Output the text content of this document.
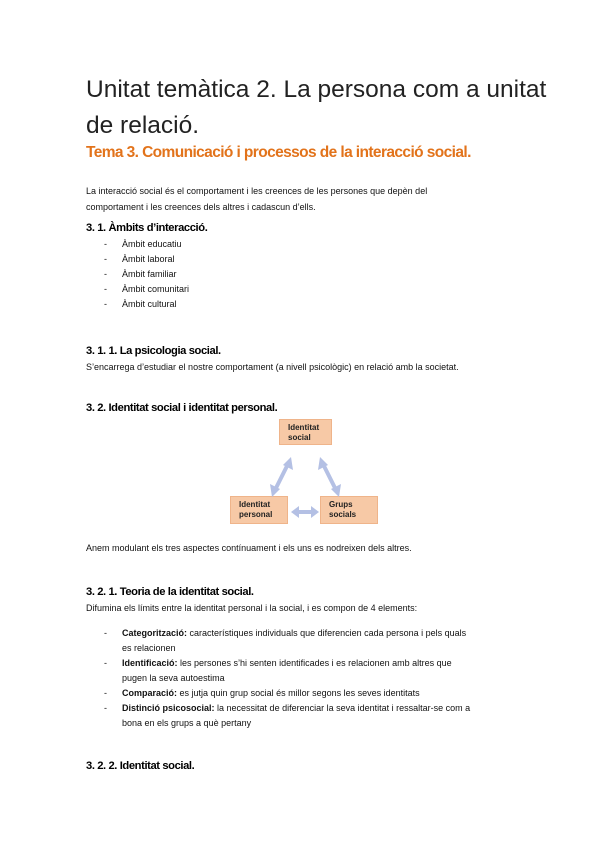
Unitat temàtica 2. La persona com a unitat de relació.
Tema 3. Comunicació i processos de la interacció social.

La interacció social és el comportament i les creences de les persones que depèn del

comportament i les creences dels altres i cadascun d’ells.

3. 1. Àmbits d’interacció.
- Àmbit educatiu
- Àmbit laboral
- Àmbit familiar
- Àmbit comunitari
- Àmbit cultural
3. 1. 1. La psicologia social.

S’encarrega d’estudiar el nostre comportament (a nivell psicològic) en relació amb la societat.

3. 2. Identitat social i identitat personal.
Identitat
social
Identitat
personal
Grups
socials

Anem modulant els tres aspectes contínuament i els uns es nodreixen dels altres.

3. 2. 1. Teoria de la identitat social.

Difumina els límits entre la identitat personal i la social, i es compon de 4 elements:

- Categorització: característiques individuals que diferencien cada persona i pels quals
es relacionen
- Identificació: les persones s’hi senten identificades i es relacionen amb altres que
pugen la seva autoestima
- Comparació: es jutja quin grup social és millor segons les seves identitats
- Distinció psicosocial: la necessitat de diferenciar la seva identitat i ressaltar-se com a
bona en els grups a què pertany
3. 2. 2. Identitat social.
